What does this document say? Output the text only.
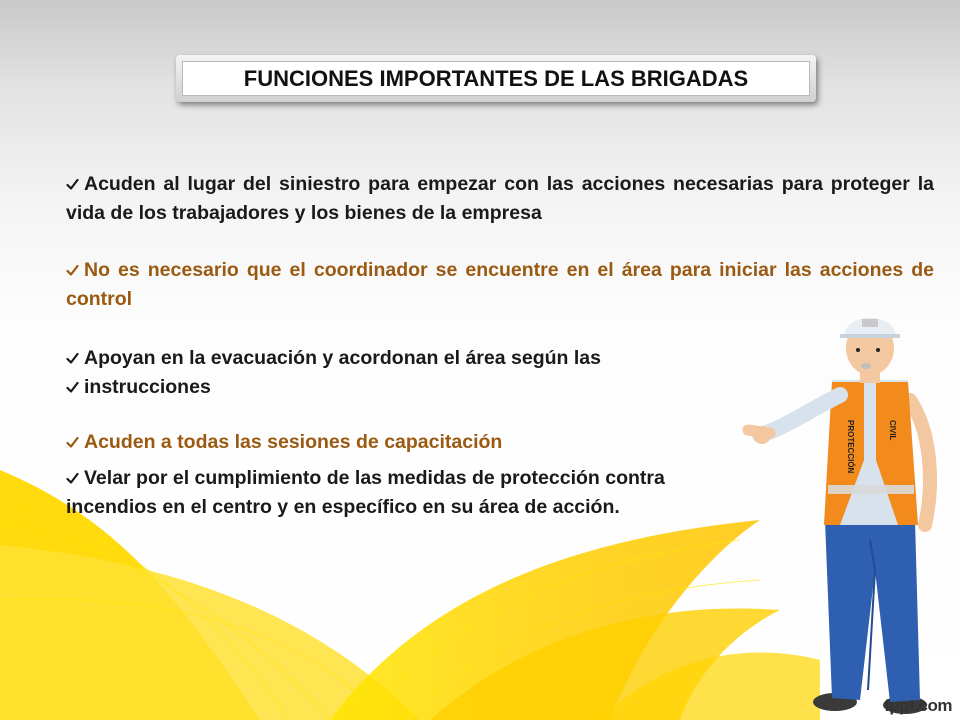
FUNCIONES IMPORTANTES DE LAS BRIGADAS

Acuden al lugar del siniestro para empezar con las acciones necesarias para proteger la vida de los trabajadores y los bienes de la empresa

No es necesario que el coordinador se encuentre en el área para iniciar las acciones de control

Apoyan en la evacuación y acordonan el área según las

instrucciones

Acuden a todas las sesiones de capacitación

Velar por el cumplimiento de las medidas de protección contra incendios en el centro y en específico en su área de acción.

PROTECCIÓN	CIVIL
fppt.com
